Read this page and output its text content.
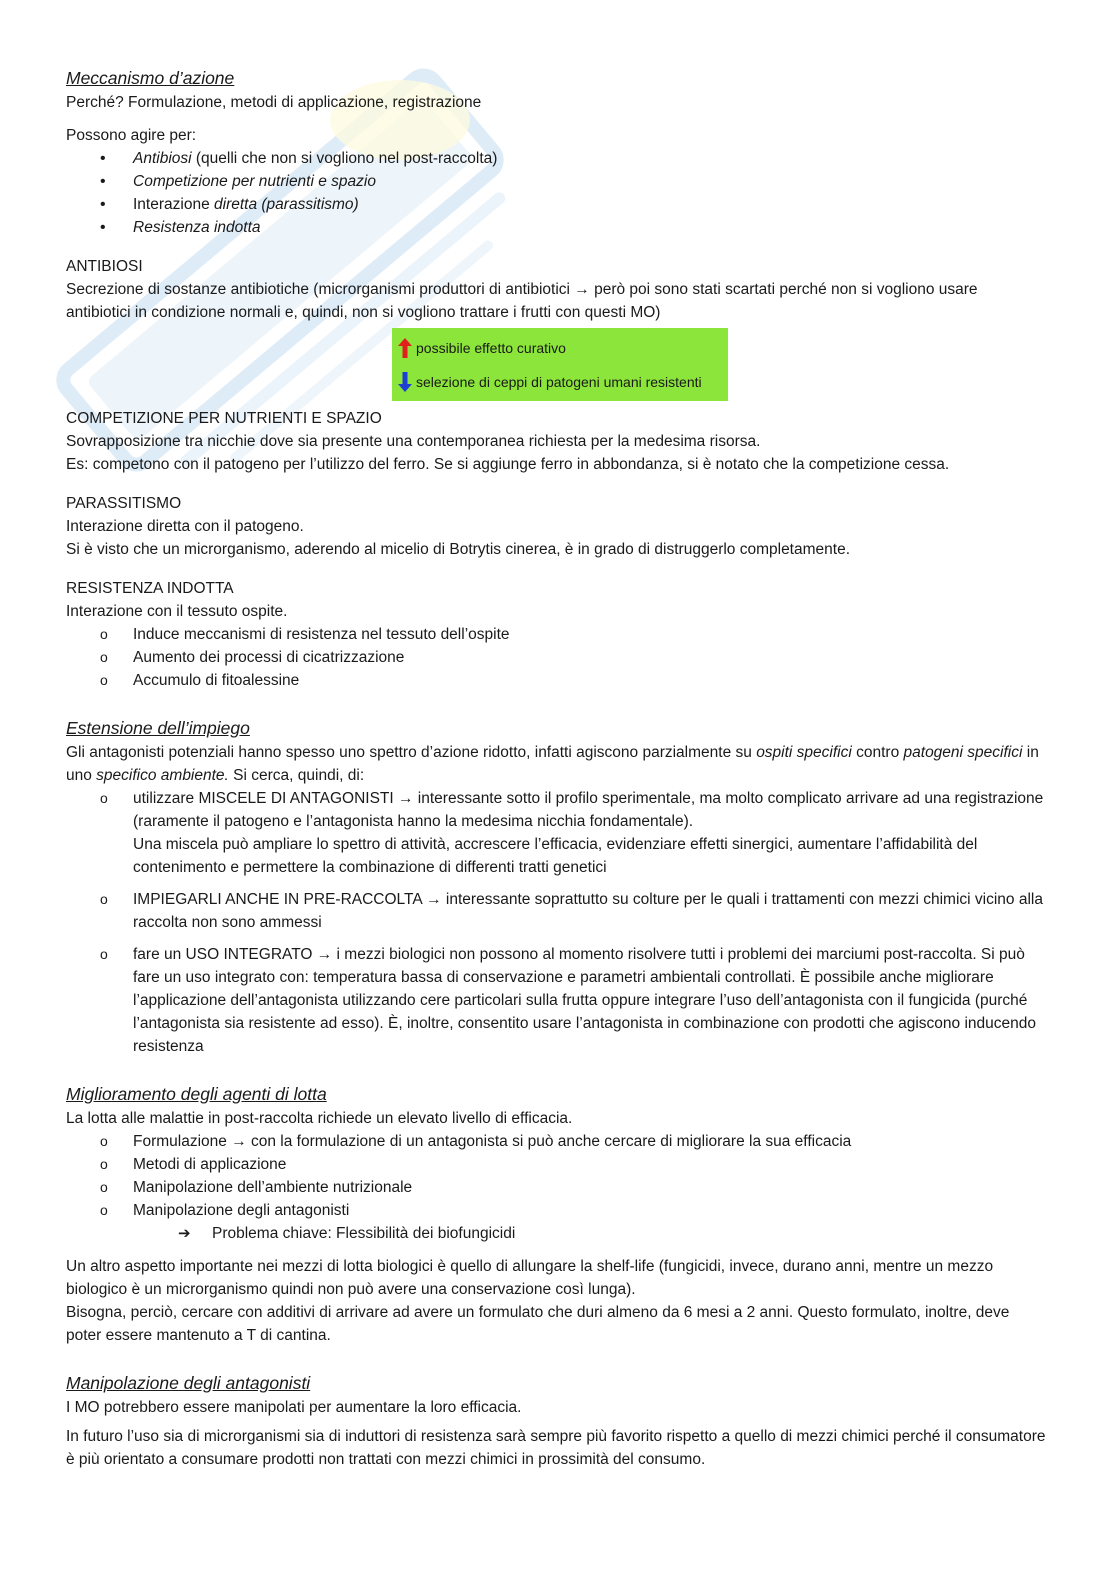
Meccanismo d’azione

Perché? Formulazione, metodi di applicazione, registrazione

Possono agire per:

• Antibiosi (quelli che non si vogliono nel post-raccolta)
• Competizione per nutrienti e spazio
• Interazione diretta (parassitismo)
• Resistenza indotta

ANTIBIOSI

Secrezione di sostanze antibiotiche (microrganismi produttori di antibiotici → però poi sono stati scartati perché non si vogliono usare antibiotici in condizione normali e, quindi, non si vogliono trattare i frutti con questi MO)

possibile effetto curativo
selezione di ceppi di patogeni umani resistenti

COMPETIZIONE PER NUTRIENTI E SPAZIO

Sovrapposizione tra nicchie dove sia presente una contemporanea richiesta per la medesima risorsa.

Es: competono con il patogeno per l’utilizzo del ferro. Se si aggiunge ferro in abbondanza, si è notato che la competizione cessa.

PARASSITISMO

Interazione diretta con il patogeno.

Si è visto che un microrganismo, aderendo al micelio di Botrytis cinerea, è in grado di distruggerlo completamente.

RESISTENZA INDOTTA

Interazione con il tessuto ospite.

o Induce meccanismi di resistenza nel tessuto dell’ospite
o Aumento dei processi di cicatrizzazione
o Accumulo di fitoalessine
Estensione dell’impiego

Gli antagonisti potenziali hanno spesso uno spettro d’azione ridotto, infatti agiscono parzialmente su ospiti specifici contro patogeni specifici in uno specifico ambiente. Si cerca, quindi, di:

o utilizzare MISCELE DI ANTAGONISTI → interessante sotto il profilo sperimentale, ma molto complicato arrivare ad una registrazione (raramente il patogeno e l’antagonista hanno la medesima nicchia fondamentale).
Una miscela può ampliare lo spettro di attività, accrescere l’efficacia, evidenziare effetti sinergici, aumentare l’affidabilità del contenimento e permettere la combinazione di differenti tratti genetici
o IMPIEGARLI ANCHE IN PRE-RACCOLTA → interessante soprattutto su colture per le quali i trattamenti con mezzi chimici vicino alla raccolta non sono ammessi
o fare un USO INTEGRATO → i mezzi biologici non possono al momento risolvere tutti i problemi dei marciumi post-raccolta. Si può fare un uso integrato con: temperatura bassa di conservazione e parametri ambientali controllati. È possibile anche migliorare l’applicazione dell’antagonista utilizzando cere particolari sulla frutta oppure integrare l’uso dell’antagonista con il fungicida (purché l’antagonista sia resistente ad esso). È, inoltre, consentito usare l’antagonista in combinazione con prodotti che agiscono inducendo resistenza
Miglioramento degli agenti di lotta

La lotta alle malattie in post-raccolta richiede un elevato livello di efficacia.

o Formulazione → con la formulazione di un antagonista si può anche cercare di migliorare la sua efficacia
o Metodi di applicazione
o Manipolazione dell’ambiente nutrizionale
o Manipolazione degli antagonisti
➔ Problema chiave: Flessibilità dei biofungicidi

Un altro aspetto importante nei mezzi di lotta biologici è quello di allungare la shelf-life (fungicidi, invece, durano anni, mentre un mezzo biologico è un microrganismo quindi non può avere una conservazione così lunga).

Bisogna, perciò, cercare con additivi di arrivare ad avere un formulato che duri almeno da 6 mesi a 2 anni. Questo formulato, inoltre, deve poter essere mantenuto a T di cantina.

Manipolazione degli antagonisti

I MO potrebbero essere manipolati per aumentare la loro efficacia.

In futuro l’uso sia di microrganismi sia di induttori di resistenza sarà sempre più favorito rispetto a quello di mezzi chimici perché il consumatore è più orientato a consumare prodotti non trattati con mezzi chimici in prossimità del consumo.
